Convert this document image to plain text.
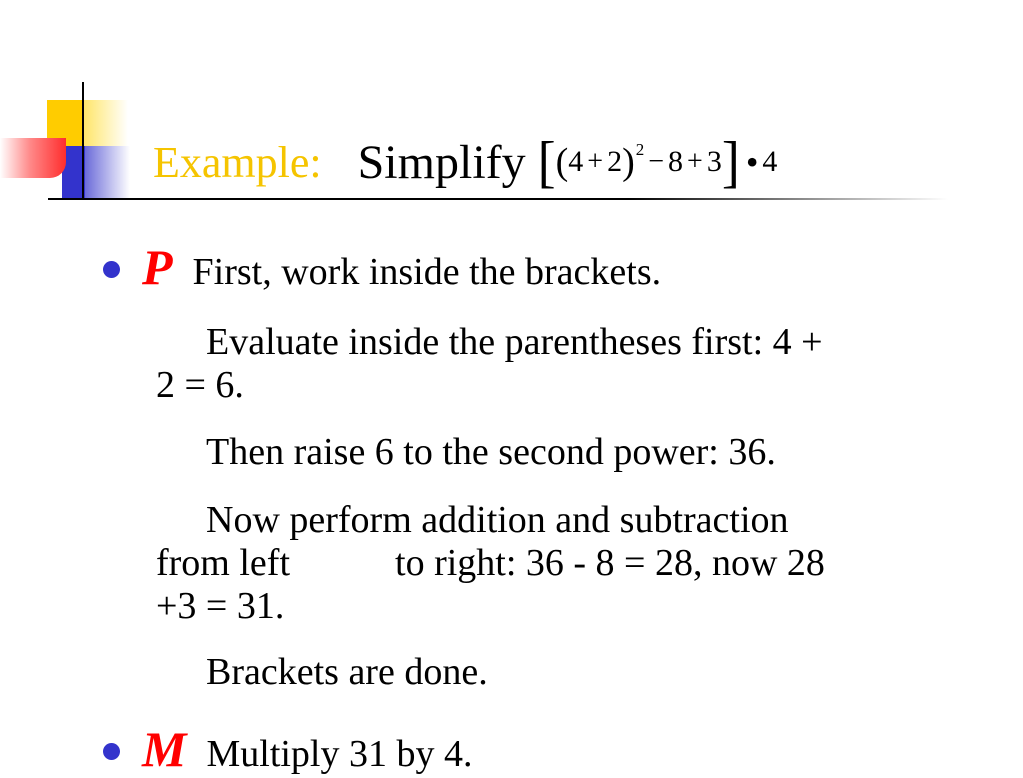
Example: Simplify [ ( 4 + 2 )$^2$ − 8 + 3 ] • 4
P First, work inside the brackets.
Evaluate inside the parentheses first: 4 +
2 = 6.
Then raise 6 to the second power: 36.
Now perform addition and subtraction
from left	to right: 36 - 8 = 28, now 28
+3 = 31.
Brackets are done.
M Multiply 31 by 4.
